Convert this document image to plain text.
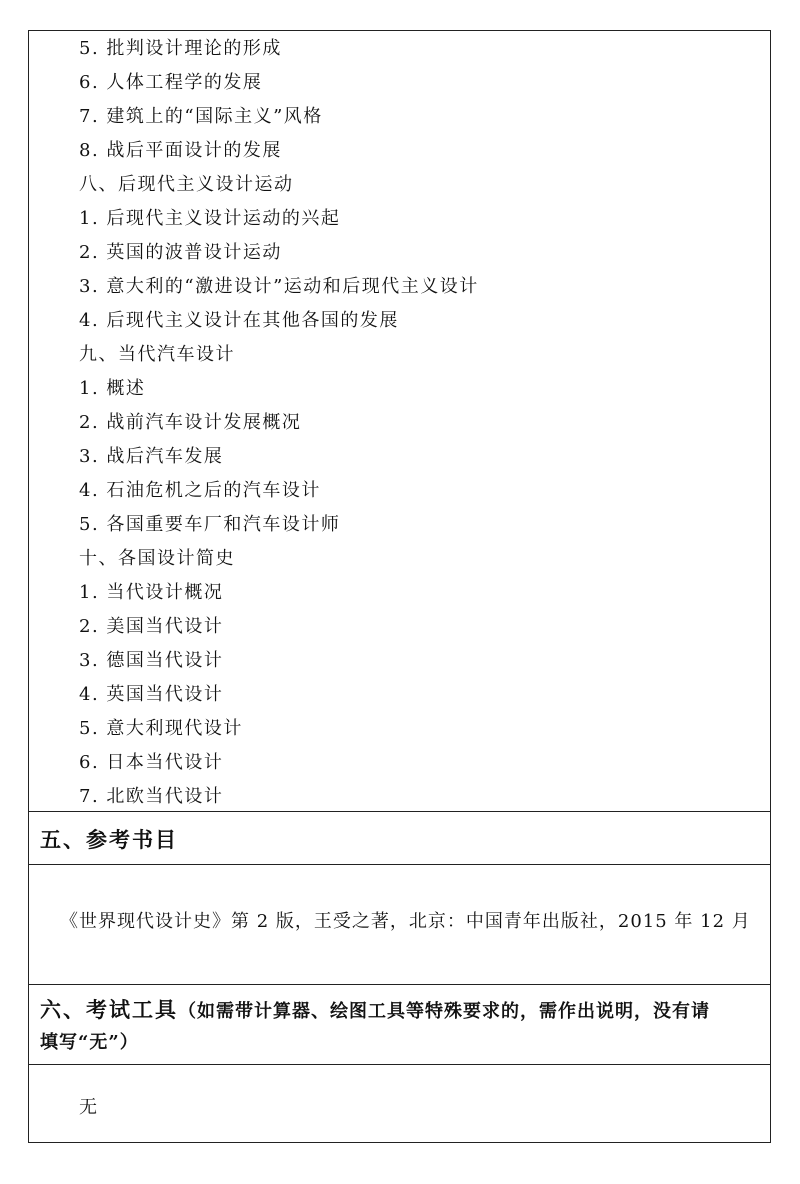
5. 批判设计理论的形成
6. 人体工程学的发展
7. 建筑上的“国际主义”风格
8. 战后平面设计的发展
八、后现代主义设计运动
1. 后现代主义设计运动的兴起
2. 英国的波普设计运动
3. 意大利的“激进设计”运动和后现代主义设计
4. 后现代主义设计在其他各国的发展
九、当代汽车设计
1. 概述
2. 战前汽车设计发展概况
3. 战后汽车发展
4. 石油危机之后的汽车设计
5. 各国重要车厂和汽车设计师
十、各国设计简史
1. 当代设计概况
2. 美国当代设计
3. 德国当代设计
4. 英国当代设计
5. 意大利现代设计
6. 日本当代设计
7. 北欧当代设计
五、参考书目
《世界现代设计史》第 2 版，王受之著，北京：中国青年出版社，2015 年 12 月
六、考试工具（如需带计算器、绘图工具等特殊要求的，需作出说明，没有请
填写“无”）
无
